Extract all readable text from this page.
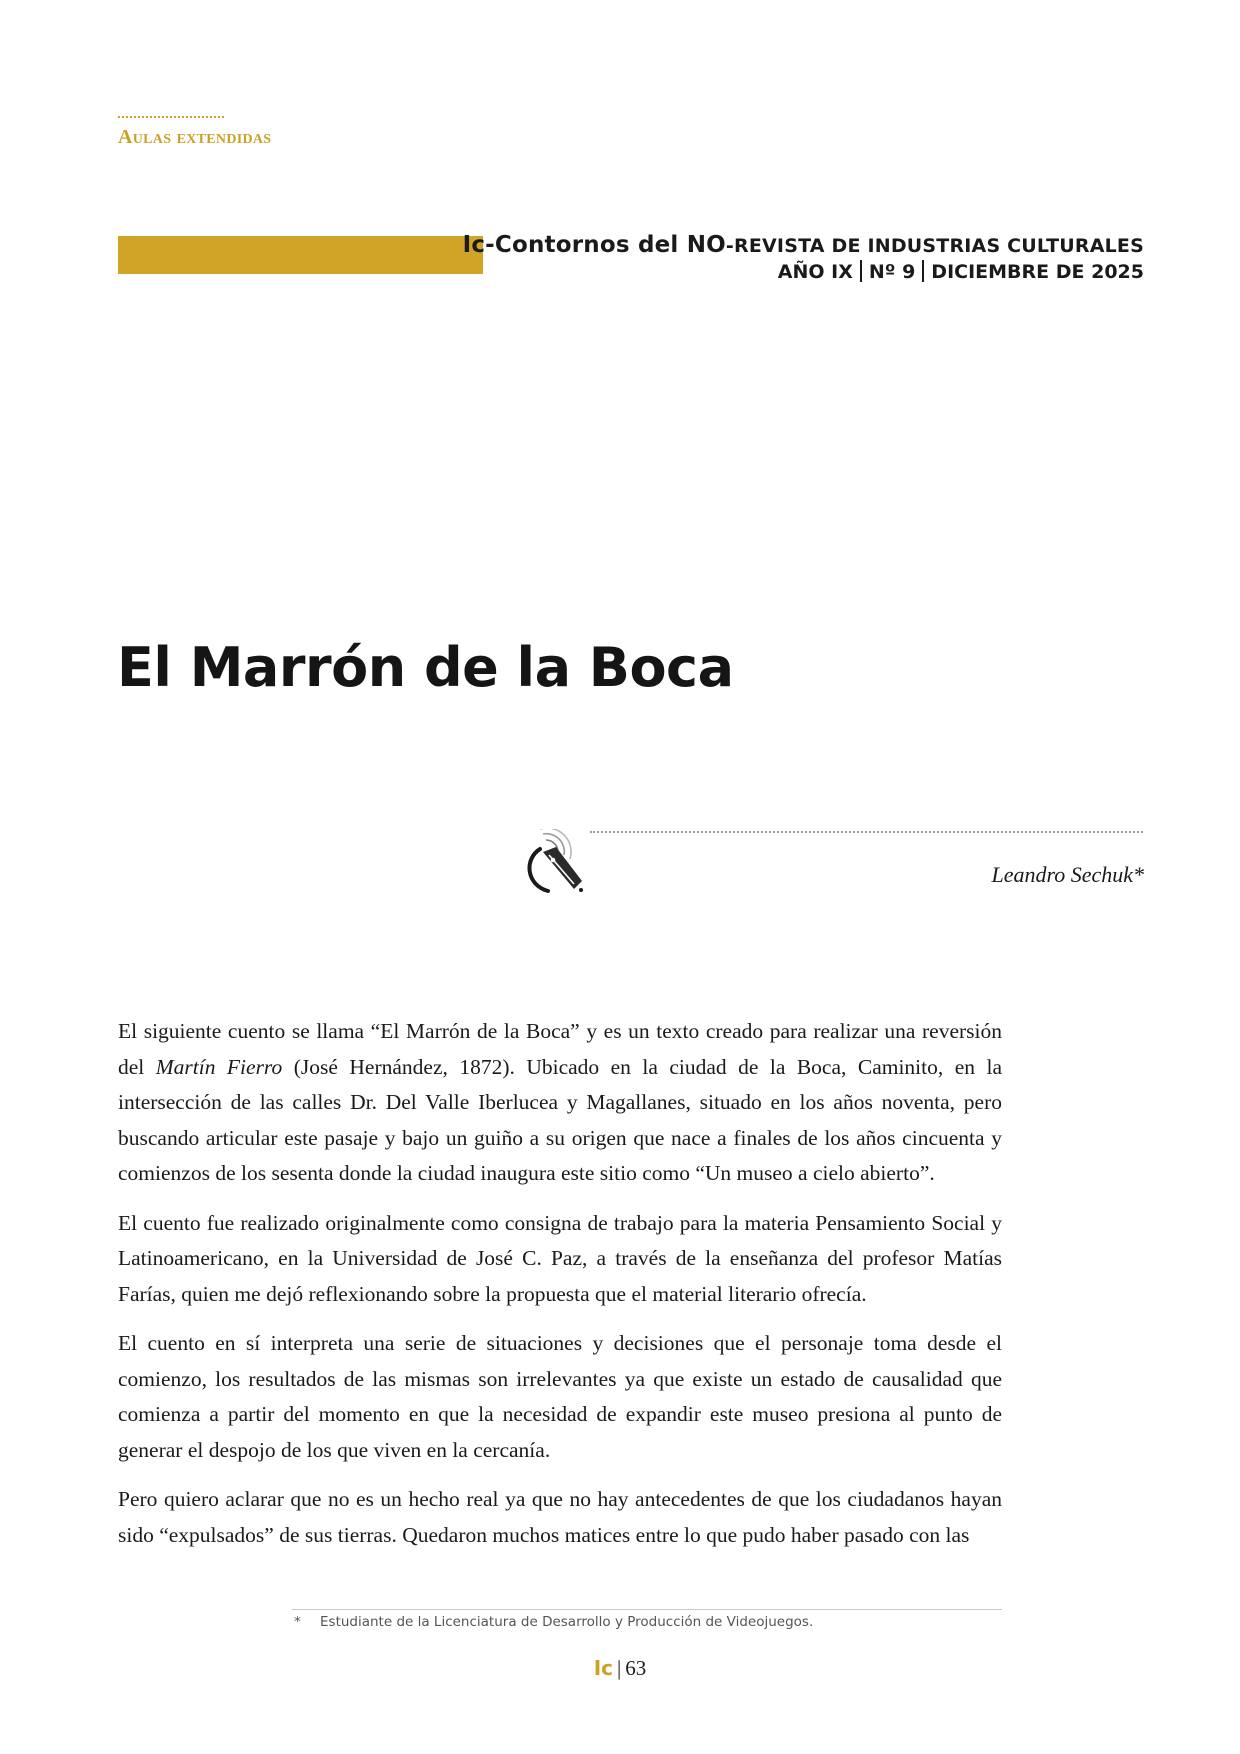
Aulas extendidas
Ic-Contornos del NO-REVISTA DE INDUSTRIAS CULTURALES
AÑO IX Nº 9 DICIEMBRE DE 2025
El Marrón de la Boca
Leandro Sechuk*

El siguiente cuento se llama “El Marrón de la Boca” y es un texto creado para realizar una reversión del Martín Fierro (José Hernández, 1872). Ubicado en la ciudad de la Boca, Caminito, en la intersección de las calles Dr. Del Valle Iberlucea y Magallanes, situado en los años noventa, pero buscando articular este pasaje y bajo un guiño a su origen que nace a finales de los años cincuenta y comienzos de los sesenta donde la ciudad inaugura este sitio como “Un museo a cielo abierto”.

El cuento fue realizado originalmente como consigna de trabajo para la materia Pensamiento Social y Latinoamericano, en la Universidad de José C. Paz, a través de la enseñanza del profesor Matías Farías, quien me dejó reflexionando sobre la propuesta que el material literario ofrecía.

El cuento en sí interpreta una serie de situaciones y decisiones que el personaje toma desde el comienzo, los resultados de las mismas son irrelevantes ya que existe un estado de causalidad que comienza a partir del momento en que la necesidad de expandir este museo presiona al punto de generar el despojo de los que viven en la cercanía.

Pero quiero aclarar que no es un hecho real ya que no hay antecedentes de que los ciudadanos hayan sido “expulsados” de sus tierras. Quedaron muchos matices entre lo que pudo haber pasado con las

* Estudiante de la Licenciatura de Desarrollo y Producción de Videojuegos.
Ic | 63
